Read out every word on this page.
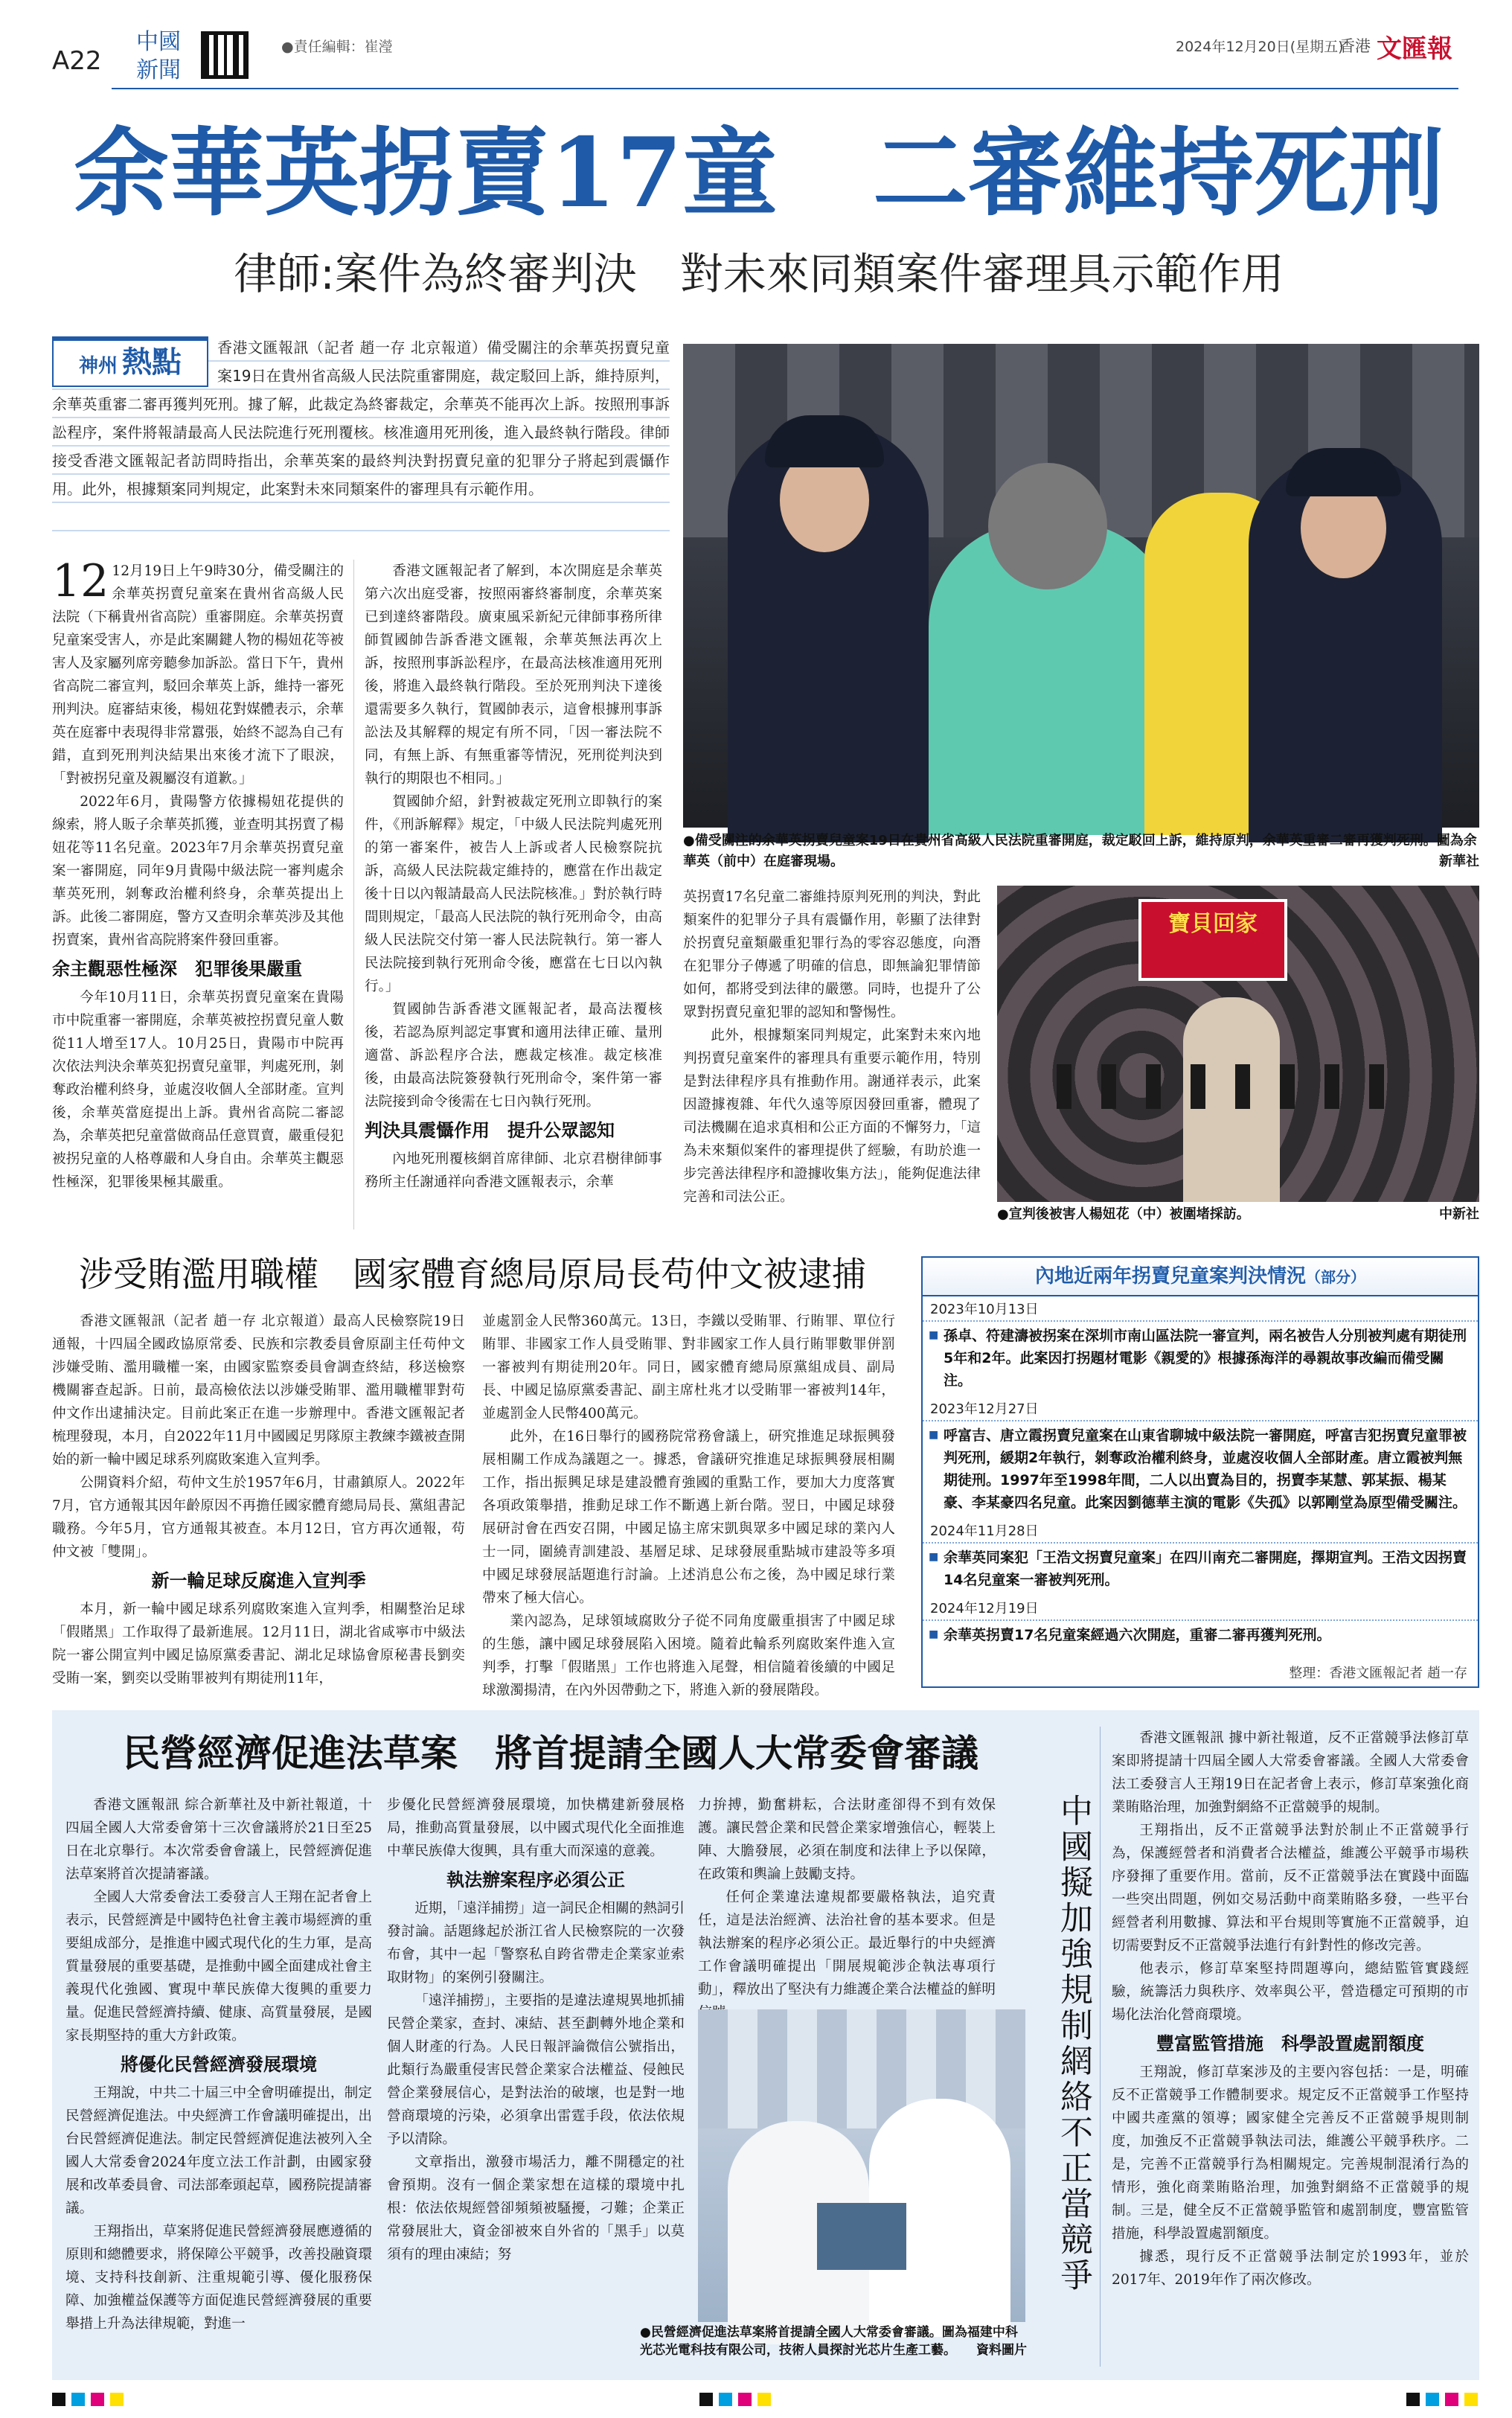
A22
中國
新聞
●責任編輯：崔瀅	2024年12月20日(星期五)
香港 文匯報
余華英拐賣17童　二審維持死刑
律師:案件為終審判決　對未來同類案件審理具示範作用
神州 熱點	香港文匯報訊（記者 趙一存 北京報道）備受關注的余華英拐賣兒童案19日在貴州省高級人民法院重審開庭，裁定駁回上訴，維持原判，余華英重審二審再獲判死刑。據了解，此裁定為終審裁定，余華英不能再次上訴。按照刑事訴訟程序，案件將報請最高人民法院進行死刑覆核。核准適用死刑後，進入最終執行階段。律師接受香港文匯報記者訪問時指出，余華英案的最終判決對拐賣兒童的犯罪分子將起到震懾作用。此外，根據類案同判規定，此案對未來同類案件的審理具有示範作用。

12 12月19日上午9時30分，備受關注的余華英拐賣兒童案在貴州省高級人民法院（下稱貴州省高院）重審開庭。余華英拐賣兒童案受害人，亦是此案關鍵人物的楊妞花等被害人及家屬列席旁聽參加訴訟。當日下午，貴州省高院二審宣判，駁回余華英上訴，維持一審死刑判決。庭審結束後，楊妞花對媒體表示，余華英在庭審中表現得非常囂張，始終不認為自己有錯，直到死刑判決結果出來後才流下了眼淚，「對被拐兒童及親屬沒有道歉。」

2022年6月，貴陽警方依據楊妞花提供的線索，將人販子余華英抓獲，並查明其拐賣了楊妞花等11名兒童。2023年7月余華英拐賣兒童案一審開庭，同年9月貴陽中級法院一審判處余華英死刑，剝奪政治權利終身，余華英提出上訴。此後二審開庭，警方又查明余華英涉及其他拐賣案，貴州省高院將案件發回重審。

余主觀惡性極深　犯罪後果嚴重

今年10月11日，余華英拐賣兒童案在貴陽市中院重審一審開庭，余華英被控拐賣兒童人數從11人增至17人。10月25日，貴陽市中院再次依法判決余華英犯拐賣兒童罪，判處死刑，剝奪政治權利終身，並處沒收個人全部財產。宣判後，余華英當庭提出上訴。貴州省高院二審認為，余華英把兒童當做商品任意買賣，嚴重侵犯被拐兒童的人格尊嚴和人身自由。余華英主觀惡性極深，犯罪後果極其嚴重。

香港文匯報記者了解到，本次開庭是余華英第六次出庭受審，按照兩審終審制度，余華英案已到達終審階段。廣東風采新紀元律師事務所律師賀國帥告訴香港文匯報，余華英無法再次上訴，按照刑事訴訟程序，在最高法核准適用死刑後，將進入最終執行階段。至於死刑判決下達後還需要多久執行，賀國帥表示，這會根據刑事訴訟法及其解釋的規定有所不同，「因一審法院不同，有無上訴、有無重審等情況，死刑從判決到執行的期限也不相同。」

賀國帥介紹，針對被裁定死刑立即執行的案件，《刑訴解釋》規定，「中級人民法院判處死刑的第一審案件，被告人上訴或者人民檢察院抗訴，高級人民法院裁定維持的，應當在作出裁定後十日以內報請最高人民法院核准。」對於執行時間則規定，「最高人民法院的執行死刑命令，由高級人民法院交付第一審人民法院執行。第一審人民法院接到執行死刑命令後，應當在七日以內執行。」

賀國帥告訴香港文匯報記者，最高法覆核後，若認為原判認定事實和適用法律正確、量刑適當、訴訟程序合法，應裁定核准。裁定核准後，由最高法院簽發執行死刑命令，案件第一審法院接到命令後需在七日內執行死刑。

判決具震懾作用　提升公眾認知

內地死刑覆核網首席律師、北京君樹律師事務所主任謝通祥向香港文匯報表示，余華

●備受關注的余華英拐賣兒童案19日在貴州省高級人民法院重審開庭，裁定駁回上訴，維持原判，余華英重審二審再獲判死刑。圖為余華英（前中）在庭審現場。	新華社

英拐賣17名兒童二審維持原判死刑的判決，對此類案件的犯罪分子具有震懾作用，彰顯了法律對於拐賣兒童類嚴重犯罪行為的零容忍態度，向潛在犯罪分子傳遞了明確的信息，即無論犯罪情節如何，都將受到法律的嚴懲。同時，也提升了公眾對拐賣兒童犯罪的認知和警惕性。

此外，根據類案同判規定，此案對未來內地判拐賣兒童案件的審理具有重要示範作用，特別是對法律程序具有推動作用。謝通祥表示，此案因證據複雜、年代久遠等原因發回重審，體現了司法機關在追求真相和公正方面的不懈努力，「這為未來類似案件的審理提供了經驗，有助於進一步完善法律程序和證據收集方法」，能夠促進法律完善和司法公正。

寶貝回家
●宣判後被害人楊妞花（中）被圍堵採訪。	中新社
涉受賄濫用職權　國家體育總局原局長苟仲文被逮捕

香港文匯報訊（記者 趙一存 北京報道）最高人民檢察院19日通報，十四屆全國政協原常委、民族和宗教委員會原副主任苟仲文涉嫌受賄、濫用職權一案，由國家監察委員會調查終結，移送檢察機關審查起訴。日前，最高檢依法以涉嫌受賄罪、濫用職權罪對苟仲文作出逮捕決定。目前此案正在進一步辦理中。香港文匯報記者梳理發現，本月，自2022年11月中國國足男隊原主教練李鐵被查開始的新一輪中國足球系列腐敗案進入宣判季。

公開資料介紹，苟仲文生於1957年6月，甘肅鎮原人。2022年7月，官方通報其因年齡原因不再擔任國家體育總局局長、黨組書記職務。今年5月，官方通報其被查。本月12日，官方再次通報，苟仲文被「雙開」。

新一輪足球反腐進入宣判季

本月，新一輪中國足球系列腐敗案進入宣判季，相關整治足球「假賭黑」工作取得了最新進展。12月11日，湖北省咸寧市中級法院一審公開宣判中國足協原黨委書記、湖北足球協會原秘書長劉奕受賄一案，劉奕以受賄罪被判有期徒刑11年，

並處罰金人民幣360萬元。13日，李鐵以受賄罪、行賄罪、單位行賄罪、非國家工作人員受賄罪、對非國家工作人員行賄罪數罪併罰一審被判有期徒刑20年。同日，國家體育總局原黨組成員、副局長、中國足協原黨委書記、副主席杜兆才以受賄罪一審被判14年，並處罰金人民幣400萬元。

此外，在16日舉行的國務院常務會議上，研究推進足球振興發展相關工作成為議題之一。據悉，會議研究推進足球振興發展相關工作，指出振興足球是建設體育強國的重點工作，要加大力度落實各項政策舉措，推動足球工作不斷邁上新台階。翌日，中國足球發展研討會在西安召開，中國足協主席宋凱與眾多中國足球的業內人士一同，圍繞青訓建設、基層足球、足球發展重點城市建設等多項中國足球發展話題進行討論。上述消息公布之後，為中國足球行業帶來了極大信心。

業內認為，足球領域腐敗分子從不同角度嚴重損害了中國足球的生態，讓中國足球發展陷入困境。隨着此輪系列腐敗案件進入宣判季，打擊「假賭黑」工作也將進入尾聲，相信隨着後續的中國足球激濁揚清，在內外因帶動之下，將進入新的發展階段。

內地近兩年拐賣兒童案判決情況（部分）
2023年10月13日
■ 孫卓、符建濤被拐案在深圳市南山區法院一審宣判，兩名被告人分別被判處有期徒刑5年和2年。此案因打拐題材電影《親愛的》根據孫海洋的尋親故事改編而備受關注。
2023年12月27日
■ 呼富吉、唐立霞拐賣兒童案在山東省聊城中級法院一審開庭，呼富吉犯拐賣兒童罪被判死刑，緩期2年執行，剝奪政治權利終身，並處沒收個人全部財產。唐立霞被判無期徒刑。1997年至1998年間，二人以出賣為目的，拐賣李某慧、郭某振、楊某豪、李某豪四名兒童。此案因劉德華主演的電影《失孤》以郭剛堂為原型備受關注。
2024年11月28日
■ 余華英同案犯「王浩文拐賣兒童案」在四川南充二審開庭，擇期宣判。王浩文因拐賣14名兒童案一審被判死刑。
2024年12月19日
■ 余華英拐賣17名兒童案經過六次開庭，重審二審再獲判死刑。
整理：香港文匯報記者 趙一存
民營經濟促進法草案　將首提請全國人大常委會審議

香港文匯報訊 綜合新華社及中新社報道，十四屆全國人大常委會第十三次會議將於21日至25日在北京舉行。本次常委會會議上，民營經濟促進法草案將首次提請審議。

全國人大常委會法工委發言人王翔在記者會上表示，民營經濟是中國特色社會主義市場經濟的重要組成部分，是推進中國式現代化的生力軍，是高質量發展的重要基礎，是推動中國全面建成社會主義現代化強國、實現中華民族偉大復興的重要力量。促進民營經濟持續、健康、高質量發展，是國家長期堅持的重大方針政策。

將優化民營經濟發展環境

王翔說，中共二十屆三中全會明確提出，制定民營經濟促進法。中央經濟工作會議明確提出，出台民營經濟促進法。制定民營經濟促進法被列入全國人大常委會2024年度立法工作計劃，由國家發展和改革委員會、司法部牽頭起草，國務院提請審議。

王翔指出，草案將促進民營經濟發展應遵循的原則和總體要求，將保障公平競爭，改善投融資環境、支持科技創新、注重規範引導、優化服務保障、加強權益保護等方面促進民營經濟發展的重要舉措上升為法律規範，對進一

步優化民營經濟發展環境，加快構建新發展格局，推動高質量發展，以中國式現代化全面推進中華民族偉大復興，具有重大而深遠的意義。

執法辦案程序必須公正

近期，「遠洋捕撈」這一詞民企相關的熱詞引發討論。話題緣起於浙江省人民檢察院的一次發布會，其中一起「警察私自跨省帶走企業家並索取財物」的案例引發關注。

「遠洋捕撈」，主要指的是違法違規異地抓捕民營企業家，查封、凍結、甚至劃轉外地企業和個人財產的行為。人民日報評論微信公號指出，此類行為嚴重侵害民營企業家合法權益、侵蝕民營企業發展信心，是對法治的破壞，也是對一地營商環境的污染，必須拿出雷霆手段，依法依規予以清除。

文章指出，激發市場活力，離不開穩定的社會預期。沒有一個企業家想在這樣的環境中扎根：依法依規經營卻頻頻被騷擾，刁難；企業正常發展壯大，資金卻被來自外省的「黑手」以莫須有的理由凍結；努

力拚搏，勤奮耕耘，合法財產卻得不到有效保護。讓民營企業和民營企業家增強信心，輕裝上陣、大膽發展，必須在制度和法律上予以保障，在政策和輿論上鼓勵支持。

任何企業違法違規都要嚴格執法，追究責任，這是法治經濟、法治社會的基本要求。但是執法辦案的程序必須公正。最近舉行的中央經濟工作會議明確提出「開展規範涉企執法專項行動」，釋放出了堅決有力維護企業合法權益的鮮明

●民營經濟促進法草案將首提請全國人大常委會審議。圖為福建中科光芯光電科技有限公司，技術人員探討光芯片生產工藝。 資料圖片
中國擬加強規制網絡不正當競爭

香港文匯報訊 據中新社報道，反不正當競爭法修訂草案即將提請十四屆全國人大常委會審議。全國人大常委會法工委發言人王翔19日在記者會上表示，修訂草案強化商業賄賂治理，加強對網絡不正當競爭的規制。

王翔指出，反不正當競爭法對於制止不正當競爭行為，保護經營者和消費者合法權益，維護公平競爭市場秩序發揮了重要作用。當前，反不正當競爭法在實踐中面臨一些突出問題，例如交易活動中商業賄賂多發，一些平台經營者利用數據、算法和平台規則等實施不正當競爭，迫切需要對反不正當競爭法進行有針對性的修改完善。

他表示，修訂草案堅持問題導向，總結監管實踐經驗，統籌活力與秩序、效率與公平，營造穩定可預期的市場化法治化營商環境。

豐富監管措施　科學設置處罰額度

王翔說，修訂草案涉及的主要內容包括：一是，明確反不正當競爭工作體制要求。規定反不正當競爭工作堅持中國共產黨的領導；國家健全完善反不正當競爭規則制度，加強反不正當競爭執法司法，維護公平競爭秩序。二是，完善不正當競爭行為相關規定。完善規制混淆行為的情形，強化商業賄賂治理，加強對網絡不正當競爭的規制。三是，健全反不正當競爭監管和處罰制度，豐富監管措施，科學設置處罰額度。

據悉，現行反不正當競爭法制定於1993年，並於2017年、2019年作了兩次修改。
